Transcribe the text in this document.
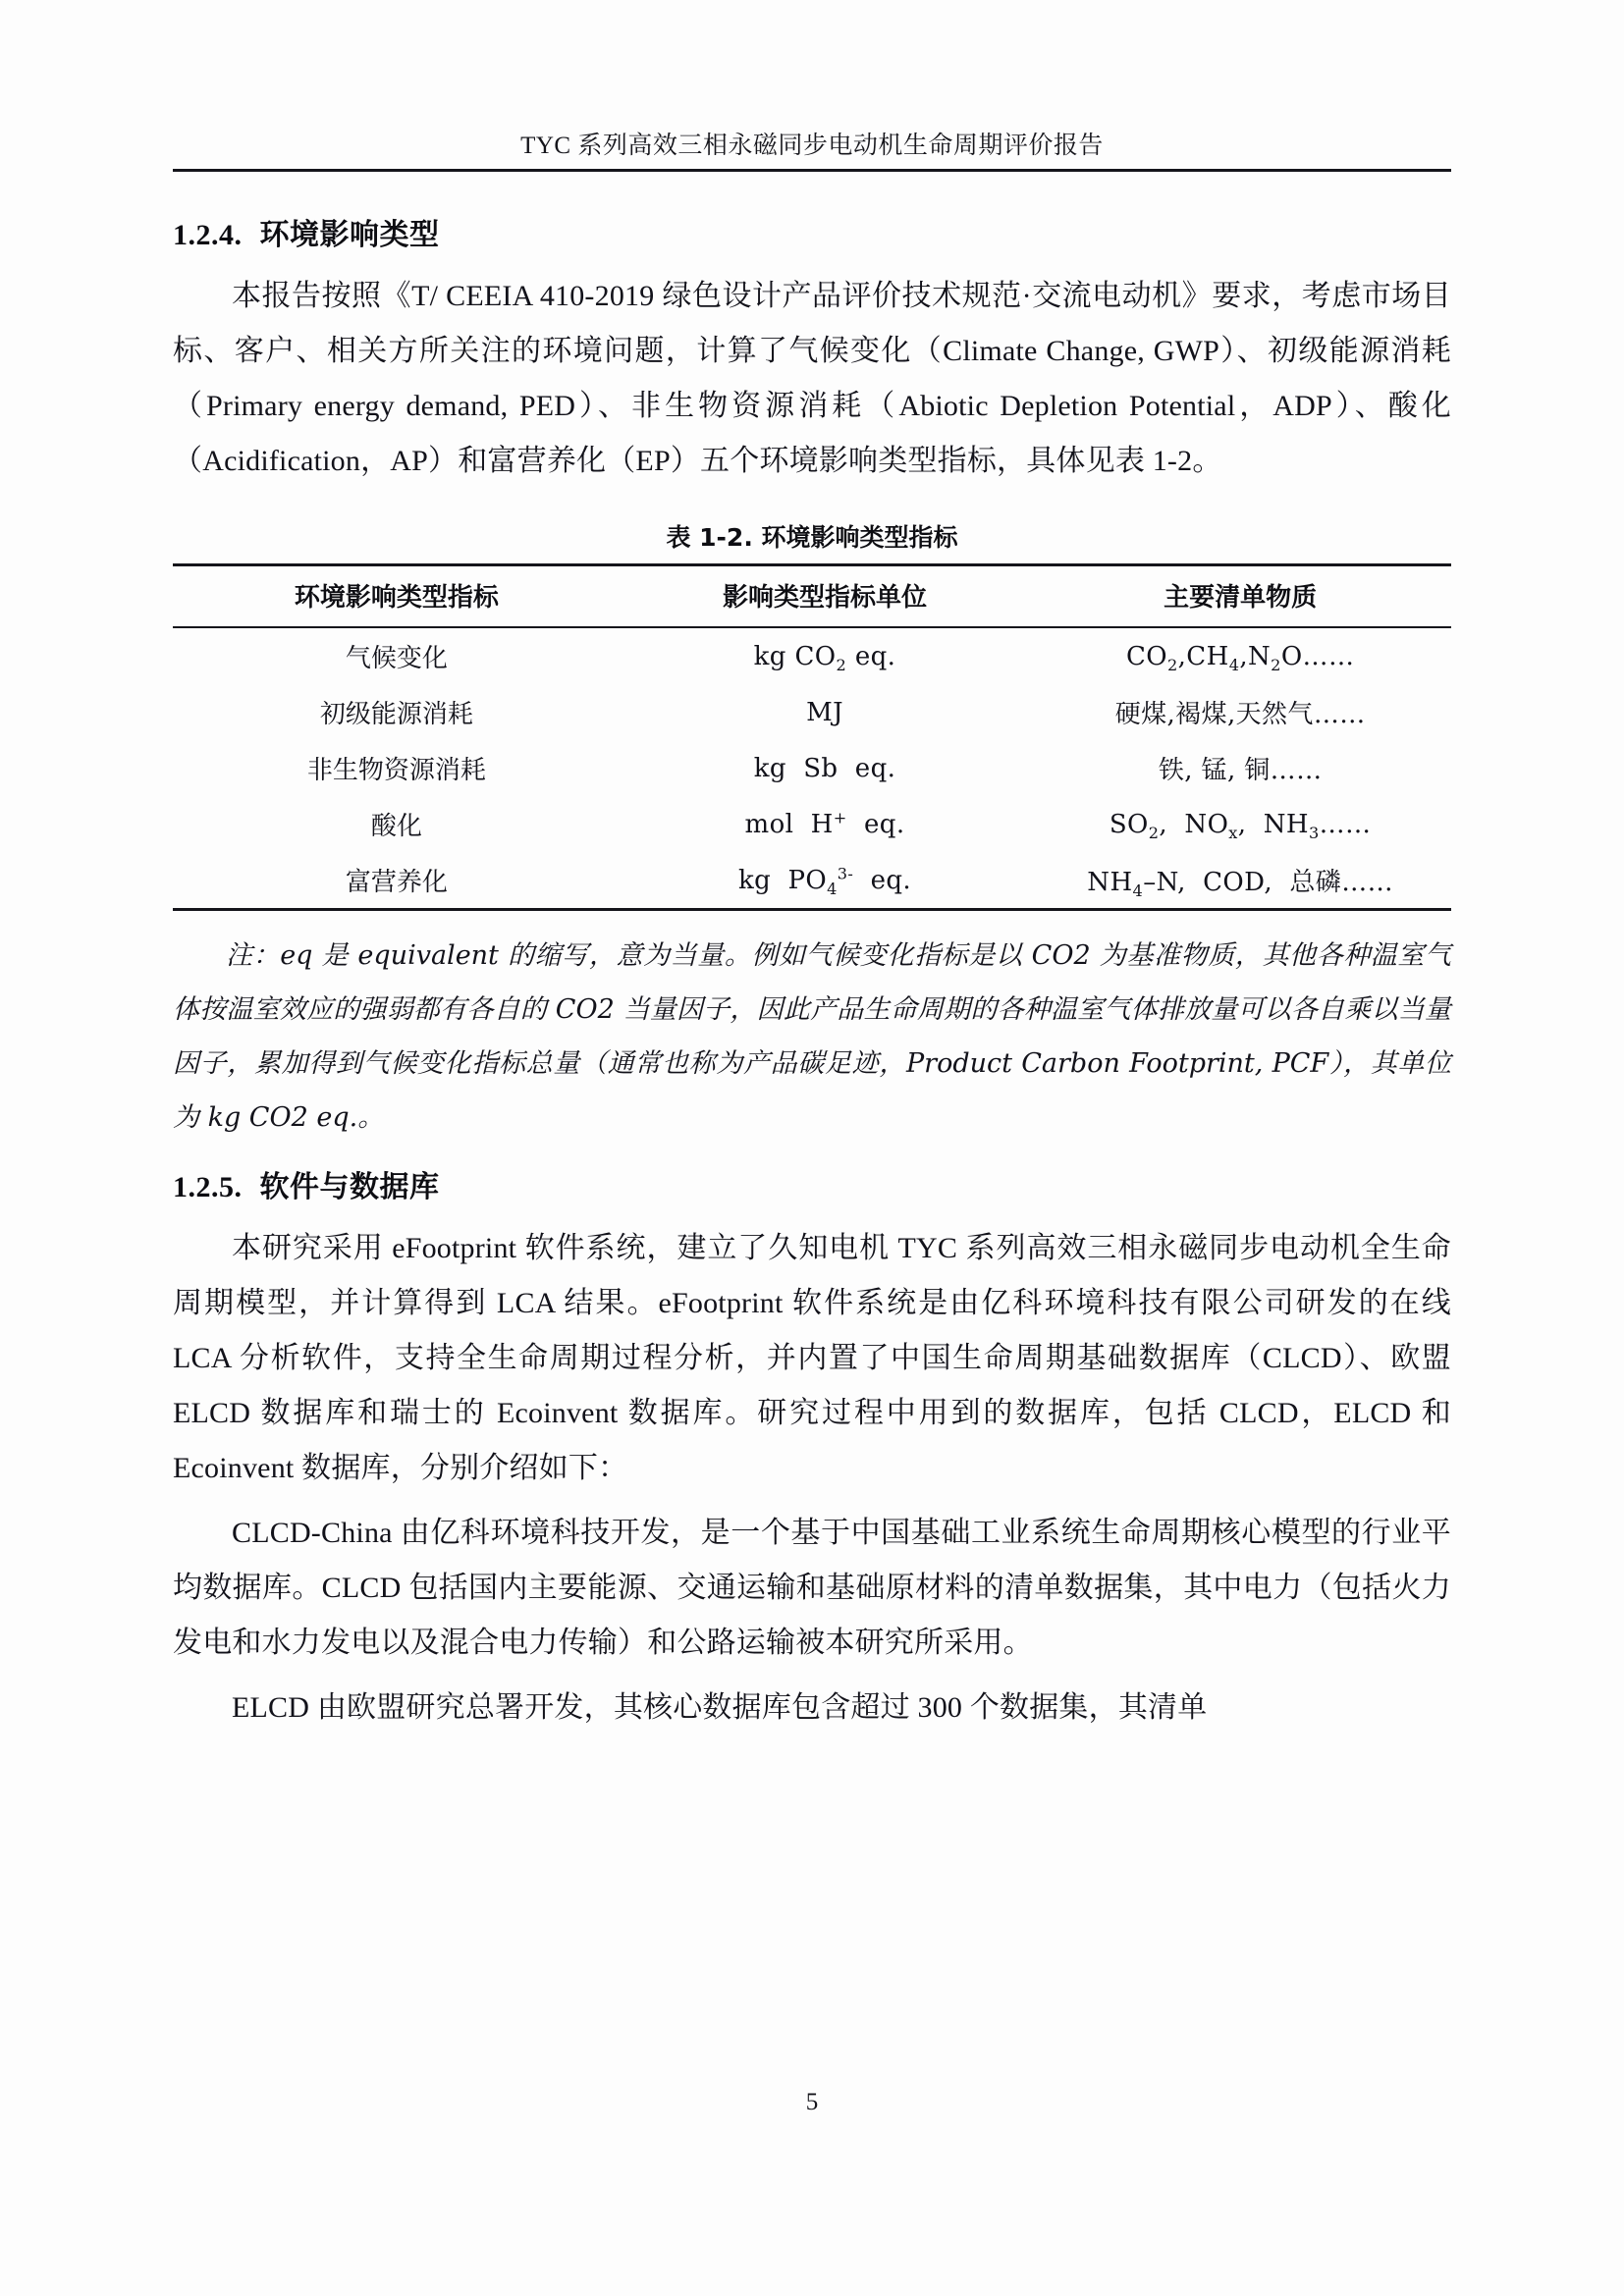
TYC 系列高效三相永磁同步电动机生命周期评价报告
1.2.4. 环境影响类型

本报告按照《T/ CEEIA 410-2019 绿色设计产品评价技术规范·交流电动机》要求，考虑市场目标、客户、相关方所关注的环境问题，计算了气候变化（Climate Change, GWP）、初级能源消耗（Primary energy demand, PED）、非生物资源消耗（Abiotic Depletion Potential，ADP）、酸化（Acidification，AP）和富营养化（EP）五个环境影响类型指标，具体见表 1-2。

表 1-2. 环境影响类型指标
环境影响类型指标	影响类型指标单位	主要清单物质
气候变化	kg $CO_2$ eq.	$CO_2,CH_4,N_2O\dots\dots$
初级能源消耗	MJ	硬煤,褐煤,天然气……
非生物资源消耗	kg  Sb  eq.	铁, 锰, 铜……
酸化	mol  H+  eq.	$SO_2$,  $NO_x$,  $NH_3\dots\dots$
富营养化	kg  $PO_4^{3-}$  eq.	$NH_4-N$,  COD,  总磷……

注：eq 是 equivalent 的缩写，意为当量。例如气候变化指标是以 CO2 为基准物质，其他各种温室气体按温室效应的强弱都有各自的 CO2 当量因子，因此产品生命周期的各种温室气体排放量可以各自乘以当量因子，累加得到气候变化指标总量（通常也称为产品碳足迹，Product Carbon Footprint, PCF），其单位为 kg CO2 eq.。

1.2.5. 软件与数据库

本研究采用 eFootprint 软件系统，建立了久知电机 TYC 系列高效三相永磁同步电动机全生命周期模型，并计算得到 LCA 结果。eFootprint 软件系统是由亿科环境科技有限公司研发的在线 LCA 分析软件，支持全生命周期过程分析，并内置了中国生命周期基础数据库（CLCD）、欧盟 ELCD 数据库和瑞士的 Ecoinvent 数据库。研究过程中用到的数据库，包括 CLCD，ELCD 和 Ecoinvent 数据库，分别介绍如下：

CLCD-China 由亿科环境科技开发，是一个基于中国基础工业系统生命周期核心模型的行业平均数据库。CLCD 包括国内主要能源、交通运输和基础原材料的清单数据集，其中电力（包括火力发电和水力发电以及混合电力传输）和公路运输被本研究所采用。

ELCD 由欧盟研究总署开发，其核心数据库包含超过 300 个数据集，其清单

5
